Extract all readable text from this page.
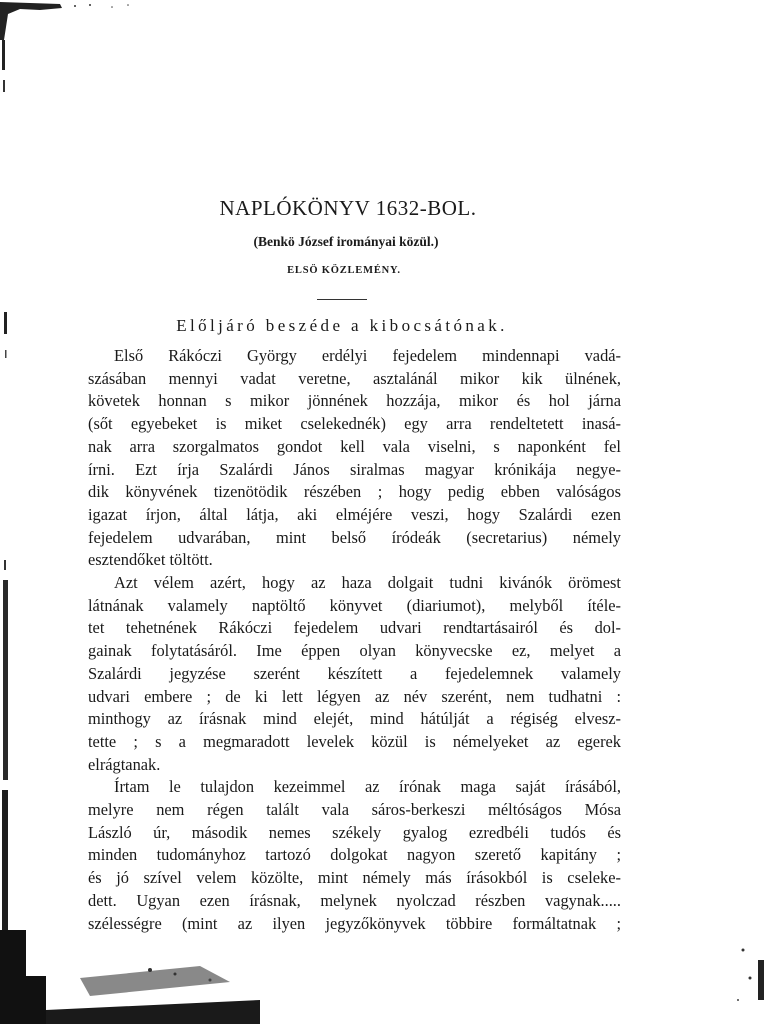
NAPLÓKÖNYV 1632-BOL.
(Benkö József irományai közül.)
ELSÖ KÖZLEMÉNY.
Előljáró beszéde a kibocsátónak.
Első Rákóczi György erdélyi fejedelem mindennapi vadá-
szásában mennyi vadat veretne, asztalánál mikor kik ülnének,
követek honnan s mikor jönnének hozzája, mikor és hol járna
(sőt egyebeket is miket cselekednék) egy arra rendeltetett inasá-
nak arra szorgalmatos gondot kell vala viselni, s naponként fel
írni. Ezt írja Szalárdi János siralmas magyar krónikája negye-
dik könyvének tizenötödik részében ; hogy pedig ebben valóságos
igazat írjon, által látja, aki elméjére veszi, hogy Szalárdi ezen
fejedelem udvarában, mint belső íródeák (secretarius) némely
esztendőket töltött.
Azt vélem azért, hogy az haza dolgait tudni kivánók örömest
látnának valamely naptöltő könyvet (diariumot), melyből ítéle-
tet tehetnének Rákóczi fejedelem udvari rendtartásairól és dol-
gainak folytatásáról. Ime éppen olyan könyvecske ez, melyet a
Szalárdi jegyzése szerént készített a fejedelemnek valamely
udvari embere ; de ki lett légyen az név szerént, nem tudhatni :
minthogy az írásnak mind elejét, mind hátúlját a régiség elvesz-
tette ; s a megmaradott levelek közül is némelyeket az egerek
elrágtanak.
Írtam le tulajdon kezeimmel az írónak maga saját írásából,
melyre nem régen talált vala sáros-berkeszi méltóságos Mósa
László úr, második nemes székely gyalog ezredbéli tudós és
minden tudományhoz tartozó dolgokat nagyon szerető kapitány ;
és jó szível velem közölte, mint némely más írásokból is cseleke-
dett. Ugyan ezen írásnak, melynek nyolczad részben vagynak.....
szélességre (mint az ilyen jegyzőkönyvek többire formáltatnak ;
